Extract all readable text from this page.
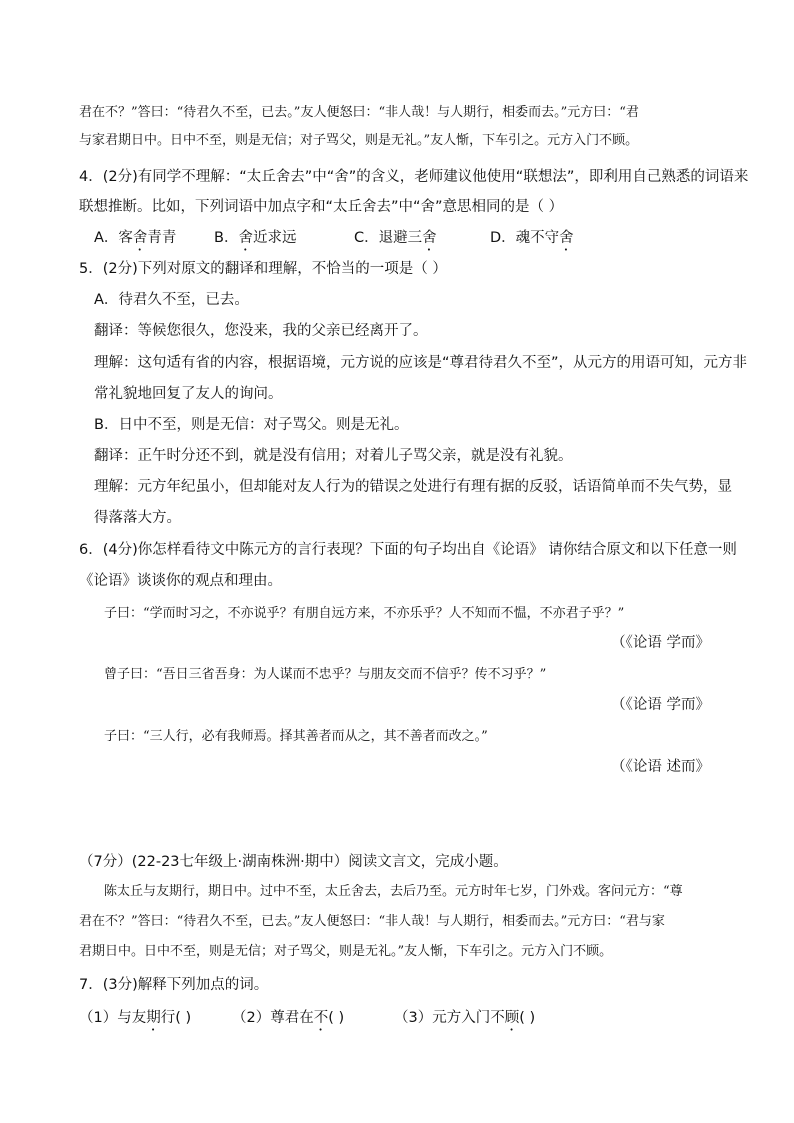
君在不？”答曰：“待君久不至，已去。”友人便怒曰：“非人哉！与人期行，相委而去。”元方曰：“君
与家君期日中。日中不至，则是无信；对子骂父，则是无礼。”友人惭，下车引之。元方入门不顾。
4．(2分)有同学不理解：“太丘舍去”中“舍”的含义，老师建议他使用“联想法”，即利用自己熟悉的词语来
联想推断。比如，下列词语中加点字和“太丘舍去”中“舍”意思相同的是（ ）
A．客舍青青	B．舍近求远	C．退避三舍	D．魂不守舍
5．(2分)下列对原文的翻译和理解，不恰当的一项是（ ）
A．待君久不至，已去。
翻译：等候您很久，您没来，我的父亲已经离开了。
理解：这句适有省的内容，根据语境，元方说的应该是“尊君待君久不至”，从元方的用语可知，元方非
常礼貌地回复了友人的询问。
B．日中不至，则是无信：对子骂父。则是无礼。
翻译：正午时分还不到，就是没有信用；对着儿子骂父亲，就是没有礼貌。
理解：元方年纪虽小，但却能对友人行为的错误之处进行有理有据的反驳，话语简单而不失气势，显
得落落大方。
6．(4分)你怎样看待文中陈元方的言行表现？下面的句子均出自《论语》 请你结合原文和以下任意一则
《论语》谈谈你的观点和理由。
子曰：“学而时习之，不亦说乎？有朋自远方来，不亦乐乎？人不知而不愠，不亦君子乎？”
（《论语 学而》
曾子曰：“吾日三省吾身：为人谋而不忠乎？与朋友交而不信乎？传不习乎？”
（《论语 学而》
子曰：“三人行，必有我师焉。择其善者而从之，其不善者而改之。”
（《论语 述而》
（7分）(22-23七年级上·湖南株洲·期中）阅读文言文，完成小题。
陈太丘与友期行，期日中。过中不至，太丘舍去，去后乃至。元方时年七岁，门外戏。客问元方：“尊
君在不？”答曰：“待君久不至，已去。”友人便怒曰：“非人哉！与人期行，相委而去。”元方曰：“君与家
君期日中。日中不至，则是无信；对子骂父，则是无礼。”友人惭，下车引之。元方入门不顾。
7．(3分)解释下列加点的词。
（1）与友期行( )	（2）尊君在不( )	（3）元方入门不顾( )
